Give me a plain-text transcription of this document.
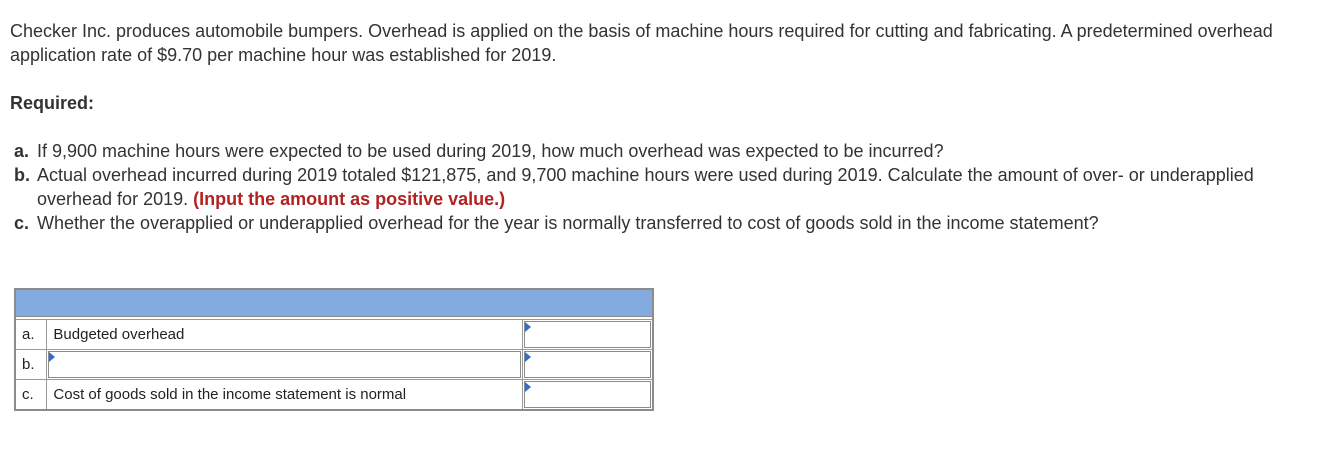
Checker Inc. produces automobile bumpers. Overhead is applied on the basis of machine hours required for cutting and fabricating. A predetermined overhead application rate of $9.70 per machine hour was established for 2019.

Required:

a. If 9,900 machine hours were expected to be used during 2019, how much overhead was expected to be incurred?
b. Actual overhead incurred during 2019 totaled $121,875, and 9,700 machine hours were used during 2019. Calculate the amount of over- or underapplied overhead for 2019. (Input the amount as positive value.)
c. Whether the overapplied or underapplied overhead for the year is normally transferred to cost of goods sold in the income statement?

a.	Budgeted overhead	

b.	

c.	Cost of goods sold in the income statement is normal	
